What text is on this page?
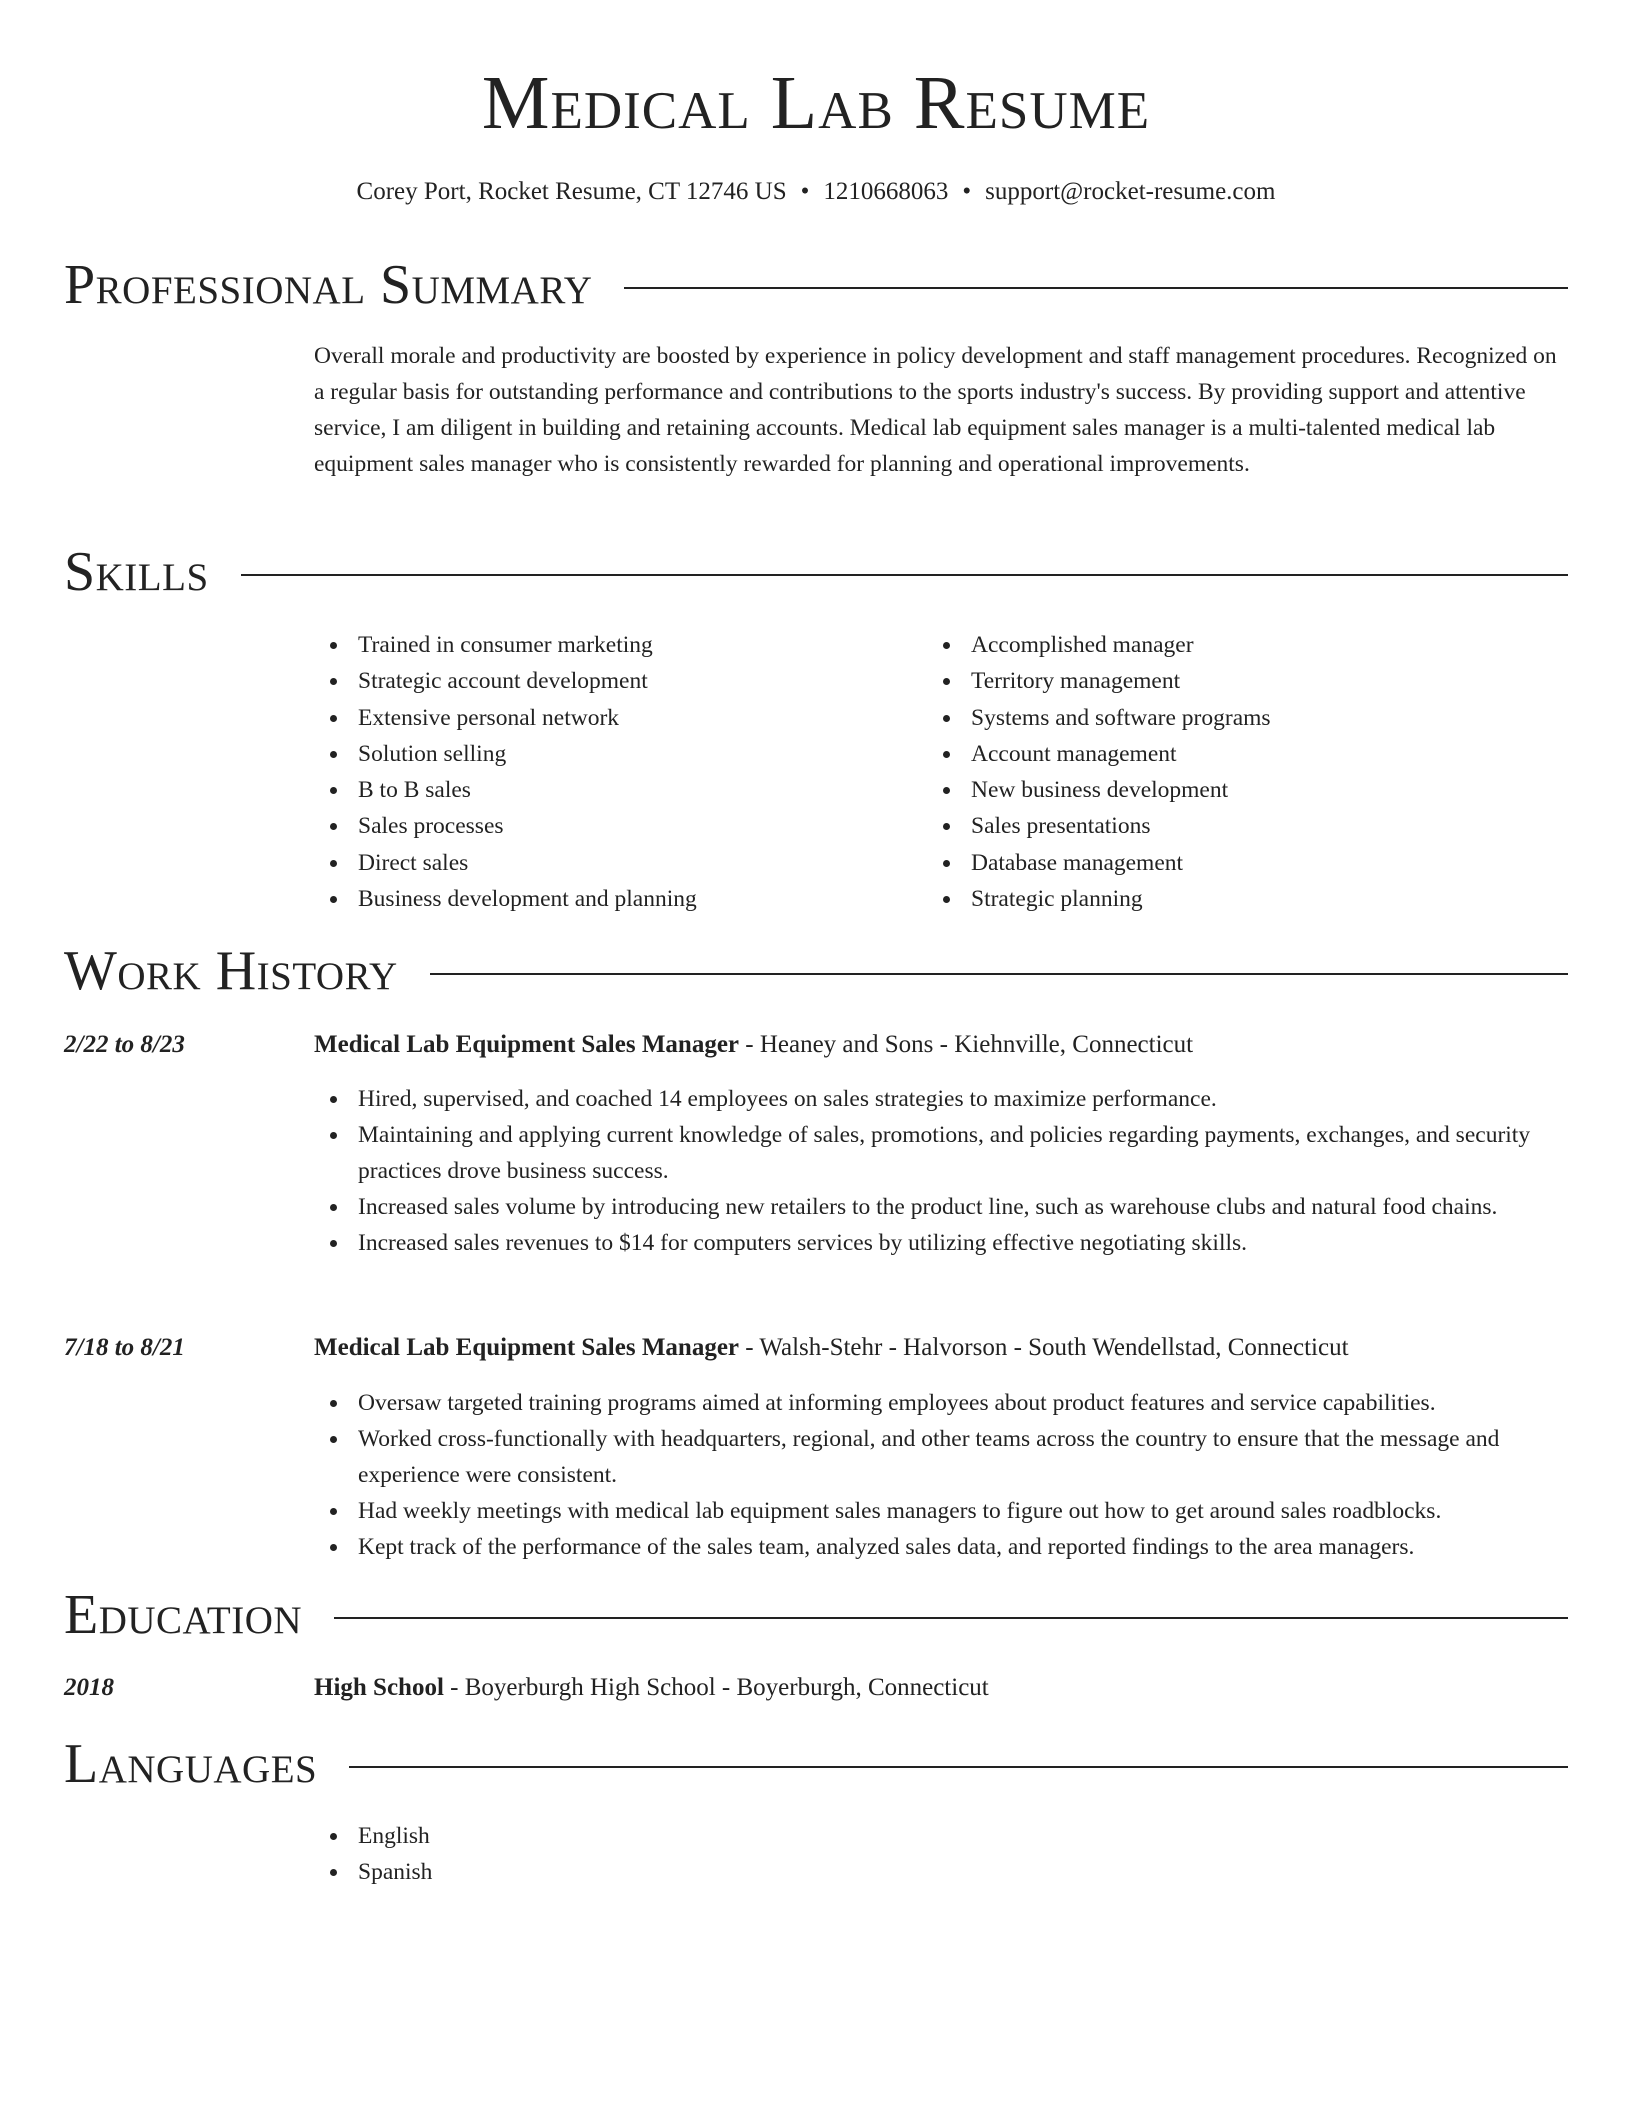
Medical Lab Resume
Corey Port, Rocket Resume, CT 12746 US • 1210668063 • support@rocket-resume.com
Professional Summary

Overall morale and productivity are boosted by experience in policy development and staff management procedures. Recognized on a regular basis for outstanding performance and contributions to the sports industry's success. By providing support and attentive service, I am diligent in building and retaining accounts. Medical lab equipment sales manager is a multi-talented medical lab equipment sales manager who is consistently rewarded for planning and operational improvements.

Skills
Trained in consumer marketing
Strategic account development
Extensive personal network
Solution selling
B to B sales
Sales processes
Direct sales
Business development and planning
Accomplished manager
Territory management
Systems and software programs
Account management
New business development
Sales presentations
Database management
Strategic planning
Work History
2/22 to 8/23	Medical Lab Equipment Sales Manager - Heaney and Sons - Kiehnville, Connecticut
Hired, supervised, and coached 14 employees on sales strategies to maximize performance.
Maintaining and applying current knowledge of sales, promotions, and policies regarding payments, exchanges, and security practices drove business success.
Increased sales volume by introducing new retailers to the product line, such as warehouse clubs and natural food chains.
Increased sales revenues to $14 for computers services by utilizing effective negotiating skills.
7/18 to 8/21	Medical Lab Equipment Sales Manager - Walsh-Stehr - Halvorson - South Wendellstad, Connecticut
Oversaw targeted training programs aimed at informing employees about product features and service capabilities.
Worked cross-functionally with headquarters, regional, and other teams across the country to ensure that the message and experience were consistent.
Had weekly meetings with medical lab equipment sales managers to figure out how to get around sales roadblocks.
Kept track of the performance of the sales team, analyzed sales data, and reported findings to the area managers.
Education
2018	High School - Boyerburgh High School - Boyerburgh, Connecticut
Languages
English
Spanish
